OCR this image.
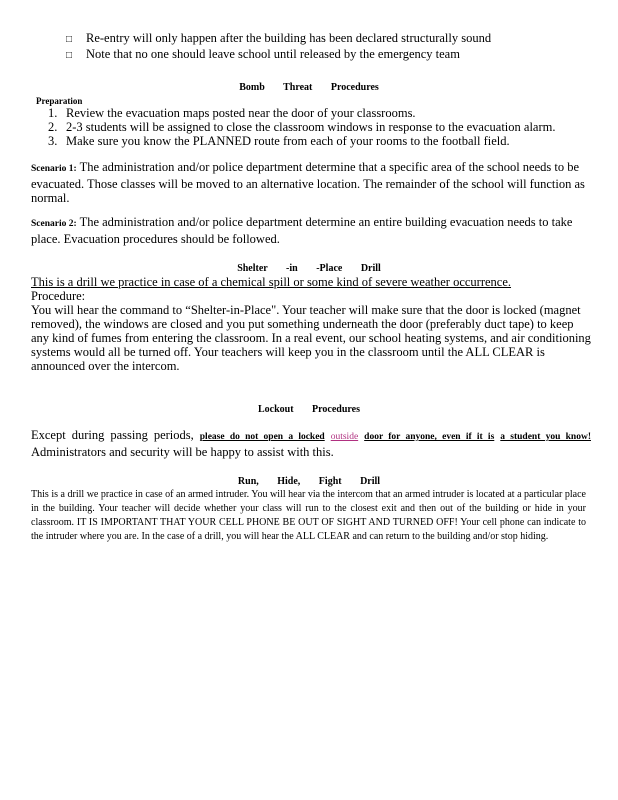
□ Re-entry will only happen after the building has been declared structurally sound
□ Note that no one should leave school until released by the emergency team
Bomb Threat Procedures
Preparation
1. Review the evacuation maps posted near the door of your classrooms.
2. 2-3 students will be assigned to close the classroom windows in response to the evacuation alarm.
3. Make sure you know the PLANNED route from each of your rooms to the football field.
Scenario 1: The administration and/or police department determine that a specific area of the school needs to be evacuated. Those classes will be moved to an alternative location. The remainder of the school will function as normal.
Scenario 2: The administration and/or police department determine an entire building evacuation needs to take place. Evacuation procedures should be followed.
Shelter -in -Place Drill
This is a drill we practice in case of a chemical spill or some kind of severe weather occurrence.
Procedure:
You will hear the command to “Shelter-in-Place". Your teacher will make sure that the door is locked (magnet removed), the windows are closed and you put something underneath the door (preferably duct tape) to keep any kind of fumes from entering the classroom. In a real event, our school heating systems, and air conditioning systems would all be turned off. Your teachers will keep you in the classroom until the ALL CLEAR is announced over the intercom.
Lockout Procedures
Except during passing periods, please do not open a locked outside door for anyone, even if it is a student you know! Administrators and security will be happy to assist with this.
Run, Hide, Fight Drill
This is a drill we practice in case of an armed intruder. You will hear via the intercom that an armed intruder is located at a particular place in the building. Your teacher will decide whether your class will run to the closest exit and then out of the building or hide in your classroom. IT IS IMPORTANT THAT YOUR CELL PHONE BE OUT OF SIGHT AND TURNED OFF! Your cell phone can indicate to the intruder where you are. In the case of a drill, you will hear the ALL CLEAR and can return to the building and/or stop hiding.
